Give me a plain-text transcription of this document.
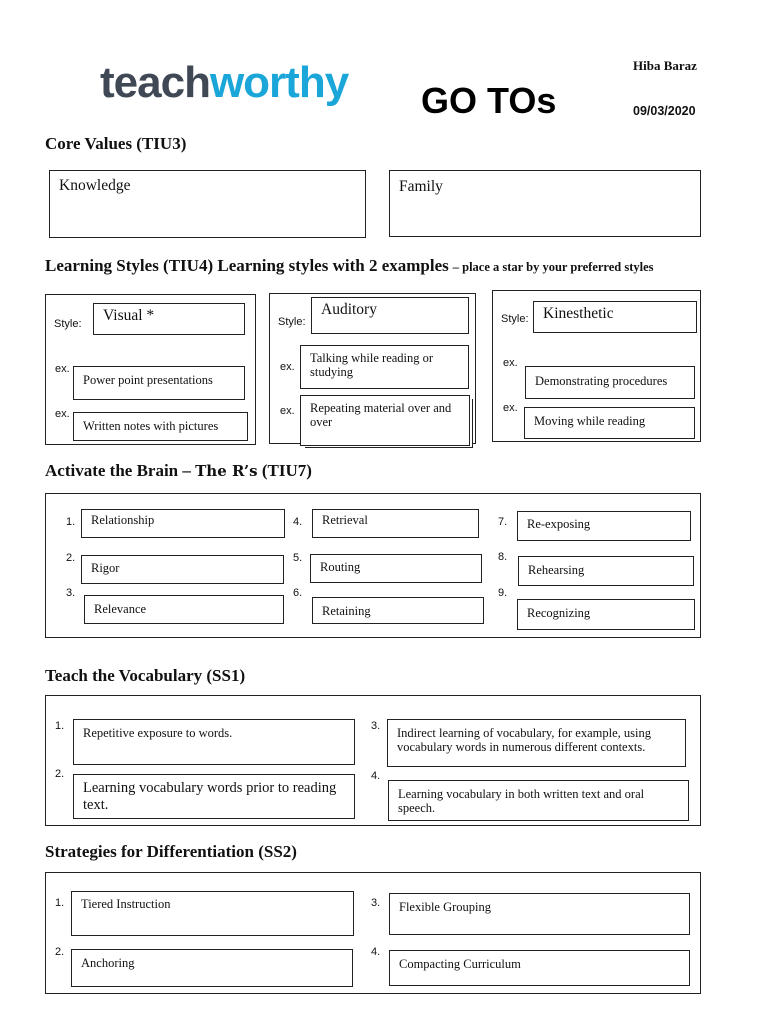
teachworthy GO TOs
Hiba Baraz
09/03/2020
Core Values (TIU3)
Knowledge	Family
Learning Styles (TIU4) Learning styles with 2 examples – place a star by your preferred styles
Style:	Visual *
ex.
Power point presentations
ex.
Written notes with pictures
Style:
Auditory
ex.
Talking while reading or studying
ex.	Repeating material over and over
Style: Kinesthetic
ex.
Demonstrating procedures
ex.
Moving while reading
Activate the Brain – The R’s (TIU7)
1.	Relationship
2.
Rigor
3.
Relevance
4.	Retrieval
5.
Routing
6.
Retaining
7.	Re-exposing
8.
Rehearsing
9.
Recognizing
Teach the Vocabulary (SS1)
1.	Repetitive exposure to words.
2.
Learning vocabulary words prior to reading text.
3.	Indirect learning of vocabulary, for example, using vocabulary words in numerous different contexts.
4.
Learning vocabulary in both written text and oral speech.
Strategies for Differentiation (SS2)
1.	Tiered Instruction
2.
Anchoring
3.	Flexible Grouping
4.
Compacting Curriculum
